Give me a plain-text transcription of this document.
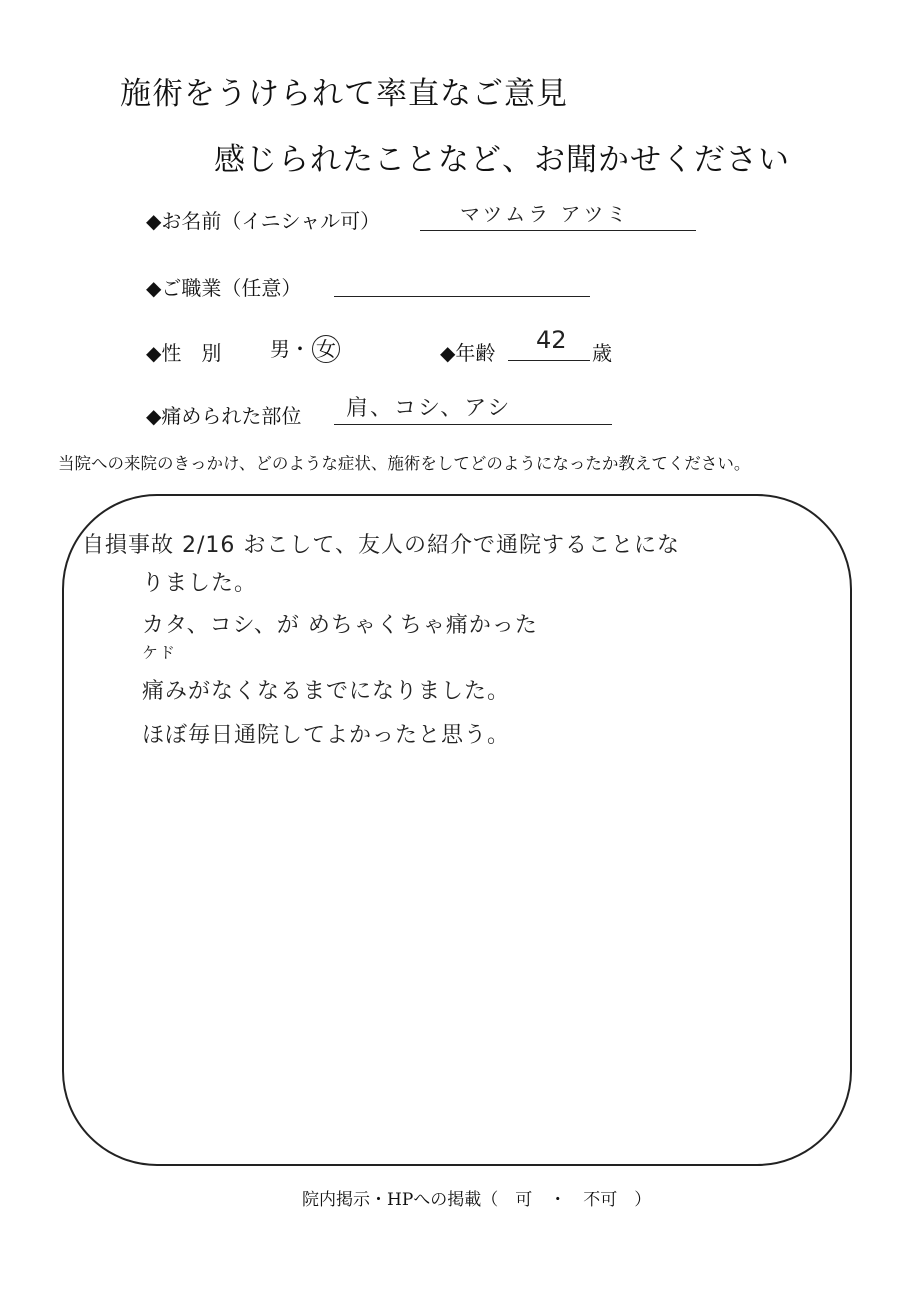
施術をうけられて率直なご意見
感じられたことなど、お聞かせください
◆お名前（イニシャル可）	マツムラ アツミ
◆ご職業（任意）
◆性　別 男・ 女	◆年齢 42 歳
◆痛められた部位 肩、コシ、アシ
当院への来院のきっかけ、どのような症状、施術をしてどのようになったか教えてください。
自損事故 2/16 おこして、友人の紹介で通院することにな
りました。
カタ、コシ、が めちゃくちゃ痛かった
ケド
痛みがなくなるまでになりました。
ほぼ毎日通院してよかったと思う。
院内掲示・HPへの掲載（　可　・　不可　）
